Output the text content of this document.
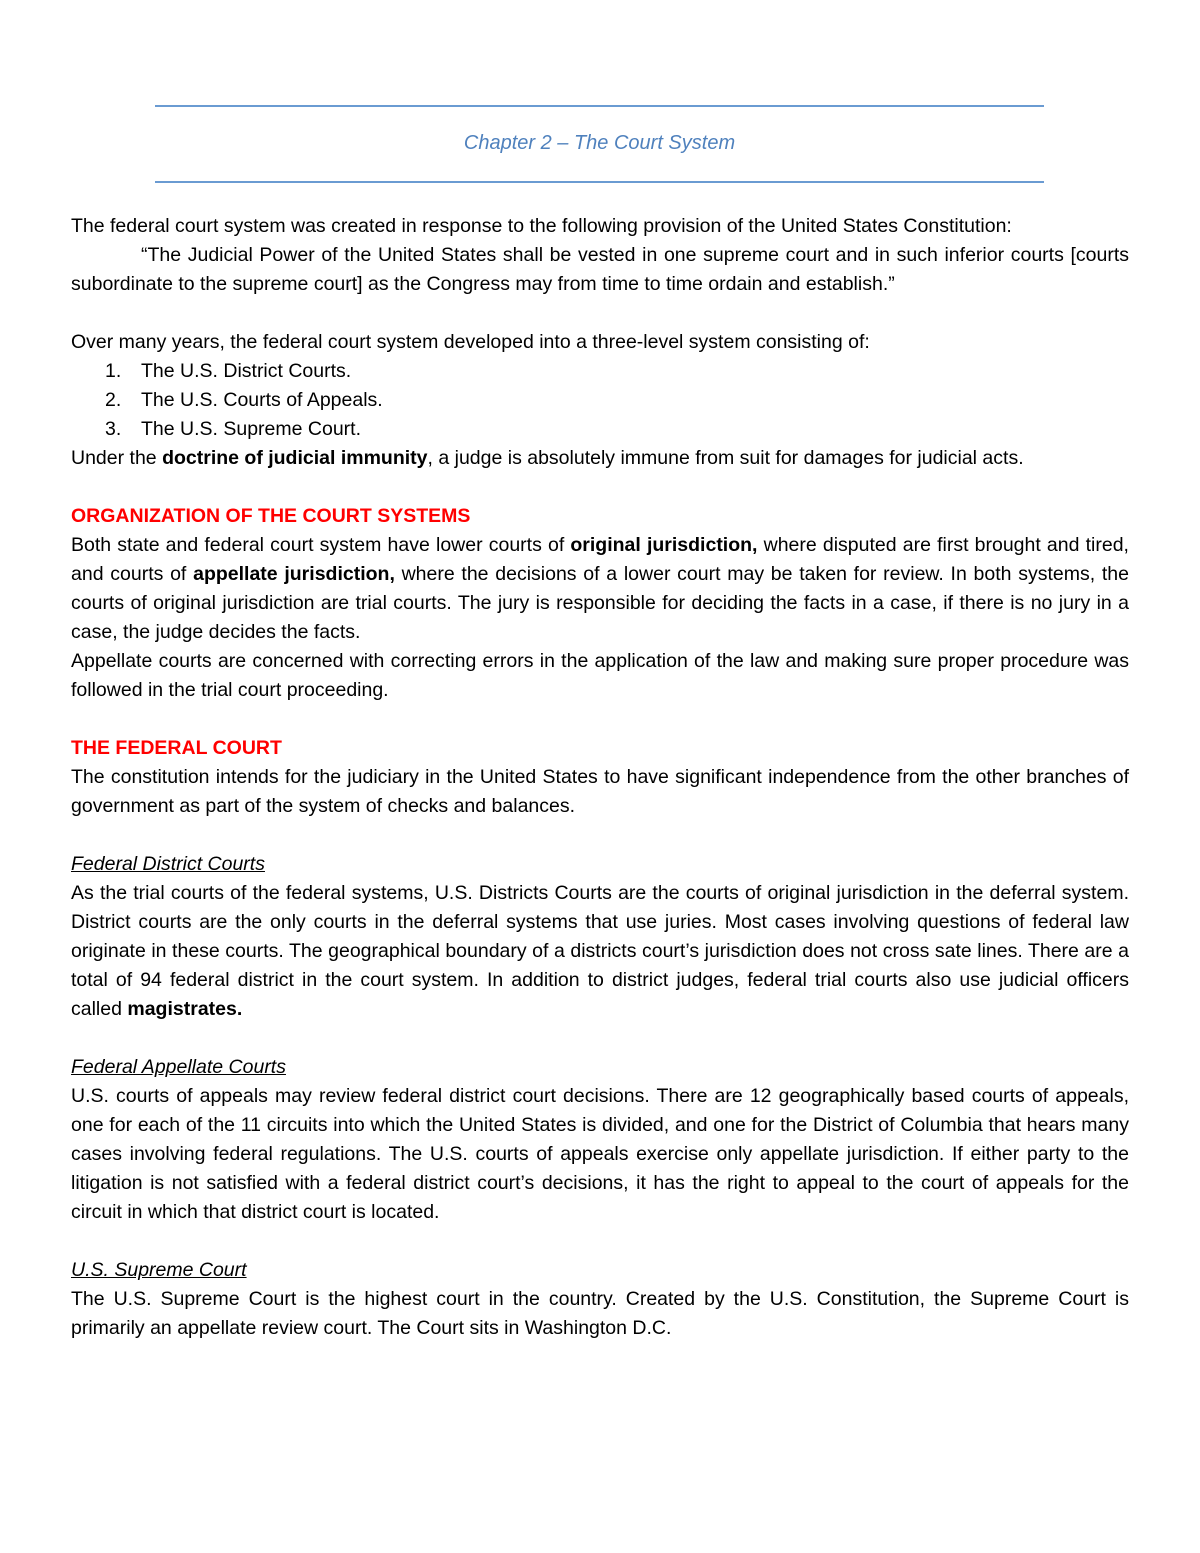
Chapter 2 – The Court System

The federal court system was created in response to the following provision of the United States Constitution:

“The Judicial Power of the United States shall be vested in one supreme court and in such inferior courts [courts subordinate to the supreme court] as the Congress may from time to time ordain and establish.”

Over many years, the federal court system developed into a three-level system consisting of:

1. The U.S. District Courts.
2. The U.S. Courts of Appeals.
3. The U.S. Supreme Court.

Under the doctrine of judicial immunity, a judge is absolutely immune from suit for damages for judicial acts.

ORGANIZATION OF THE COURT SYSTEMS

Both state and federal court system have lower courts of original jurisdiction, where disputed are first brought and tired, and courts of appellate jurisdiction, where the decisions of a lower court may be taken for review. In both systems, the courts of original jurisdiction are trial courts. The jury is responsible for deciding the facts in a case, if there is no jury in a case, the judge decides the facts.

Appellate courts are concerned with correcting errors in the application of the law and making sure proper procedure was followed in the trial court proceeding.

THE FEDERAL COURT

The constitution intends for the judiciary in the United States to have significant independence from the other branches of government as part of the system of checks and balances.

Federal District Courts

As the trial courts of the federal systems, U.S. Districts Courts are the courts of original jurisdiction in the deferral system. District courts are the only courts in the deferral systems that use juries. Most cases involving questions of federal law originate in these courts. The geographical boundary of a districts court’s jurisdiction does not cross sate lines. There are a total of 94 federal district in the court system. In addition to district judges, federal trial courts also use judicial officers called magistrates.

Federal Appellate Courts

U.S. courts of appeals may review federal district court decisions. There are 12 geographically based courts of appeals, one for each of the 11 circuits into which the United States is divided, and one for the District of Columbia that hears many cases involving federal regulations. The U.S. courts of appeals exercise only appellate jurisdiction. If either party to the litigation is not satisfied with a federal district court’s decisions, it has the right to appeal to the court of appeals for the circuit in which that district court is located.

U.S. Supreme Court

The U.S. Supreme Court is the highest court in the country. Created by the U.S. Constitution, the Supreme Court is primarily an appellate review court. The Court sits in Washington D.C.
